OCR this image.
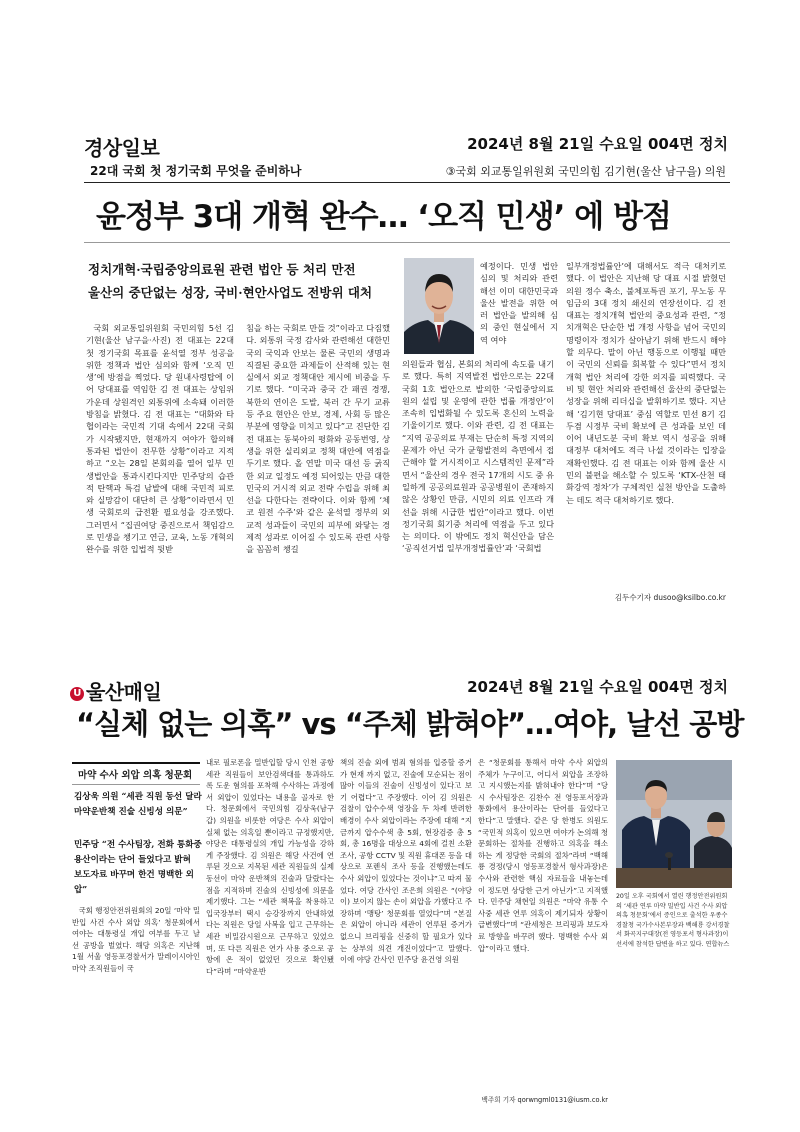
경상일보	2024년 8월 21일 수요일 004면 정치
22대 국회 첫 정기국회 무엇을 준비하나	③국회 외교통일위원회 국민의힘 김기현(울산 남구을) 의원
윤정부 3대 개혁 완수… ‘오직 민생’ 에 방점
정치개혁·국립중앙의료원 관련 법안 등 처리 만전
울산의 중단없는 성장, 국비·현안사업도 전방위 대처

국회 외교통일위원회 국민의힘 5선 김기현(울산 남구을·사진) 전 대표는 22대 첫 정기국회 목표를 윤석열 정부 성공을 위한 정책과 법안 심의와 함께 ‘오직 민생’에 방점을 찍었다. 당 원내사령탑에 이어 당대표를 역임한 김 전 대표는 상임위 가운데 상원격인 외통위에 소속돼 이러한 방침을 밝혔다. 김 전 대표는 “대화와 타협이라는 국민적 기대 속에서 22대 국회가 시작됐지만, 현재까지 여야가 합의해 통과된 법안이 전무한 상황”이라고 지적하고 “오는 28일 본회의를 열어 일부 민생법안을 통과시킨다지만 민주당의 습관적 탄핵과 특검 남발에 대해 국민적 피로와 실망감이 대단히 큰 상황”이라면서 민생 국회로의 급전환 필요성을 강조했다. 그러면서 “집권여당 중진으로서 책임감으로 민생을 챙기고 연금, 교육, 노동 개혁의 완수를 위한 입법적 뒷받

침을 하는 국회로 만들 것”이라고 다짐했다. 외통위 국정 감사와 관련해선 대한민국의 국익과 안보는 물론 국민의 생명과 직결된 중요한 과제들이 산적해 있는 현실에서 외교 정책대안 제시에 비중을 두기로 했다. “미국과 중국 간 패권 경쟁, 북한의 연이은 도발, 북러 간 무기 교류 등 주요 현안은 안보, 경제, 사회 등 많은 부분에 영향을 미치고 있다”고 진단한 김 전 대표는 동북아의 평화와 공동번영, 상생을 위한 실리외교 정책 대안에 역점을 두기로 했다. 올 연말 미국 대선 등 굵직한 외교 일정도 예정 되어있는 만큼 대한민국의 거시적 외교 전략 수립을 위해 최선을 다한다는 전략이다. 이와 함께 ‘체코 원전 수주’와 같은 윤석열 정부의 외교적 성과들이 국민의 피부에 와닿는 경제적 성과로 이어질 수 있도록 관련 사항을 꼼꼼히 챙길

예정이다. 민생 법안 심의 및 처리와 관련해선 이미 대한민국과 울산 발전을 위한 여러 법안을 발의해 심의 중인 현실에서 지역 여야

의원들과 협심, 본회의 처리에 속도를 내기로 했다. 특히 지역발전 법안으로는 22대 국회 1호 법안으로 발의한 ‘국립중앙의료원의 설립 및 운영에 관한 법률 개정안’이 조속히 입법화될 수 있도록 혼신의 노력을 기울이기로 했다. 이와 관련, 김 전 대표는 “지역 공공의료 부재는 단순히 특정 지역의 문제가 아닌 국가 균형발전의 측면에서 접근해야 할 거시적이고 시스템적인 문제”라면서 “울산의 경우 전국 17개의 시도 중 유일하게 공공의료원과 공공병원이 존재하지 않은 상황인 만큼, 시민의 의료 인프라 개선을 위해 시급한 법안”이라고 했다. 이번 정기국회 회기중 처리에 역점을 두고 있다는 의미다. 이 밖에도 정치 혁신안을 담은 ‘공직선거법 일부개정법률안’과 ‘국회법

일부개정법률안’에 대해서도 적극 대처키로 했다. 이 법안은 지난해 당 대표 시절 밝혔던 의원 정수 축소, 불체포특권 포기, 무노동 무임금의 3대 정치 쇄신의 연장선이다. 김 전 대표는 정치개혁 법안의 중요성과 관련, “정치개혁은 단순한 법 개정 사항을 넘어 국민의 명령이자 정치가 살아남기 위해 반드시 해야 할 의무다. 말이 아닌 행동으로 이행될 때만이 국민의 신뢰를 회복할 수 있다”면서 정치개혁 법안 처리에 강한 의지를 피력했다. 국비 및 현안 처리와 관련해선 울산의 중단없는 성장을 위해 리더십을 발휘하기로 했다. 지난해 ‘김기현 당대표’ 중심 역할로 민선 8기 김두겸 시정부 국비 확보에 큰 성과를 보인 데 이어 내년도분 국비 확보 역시 성공을 위해 대정부 대처에도 적극 나설 것이라는 입장을 재확인했다. 김 전 대표는 이와 함께 울산 시민의 불편을 해소할 수 있도록 ‘KTX-산천 태화강역 정차’가 구체적인 실천 방안을 도출하는 데도 적극 대처하기로 했다.

김두수기자 dusoo@ksilbo.co.kr
U 울산매일	2024년 8월 21일 수요일 004면 정치
“실체 없는 의혹” vs “주체 밝혀야”…여야, 날선 공방
마약 수사 외압 의혹 청문회
김상욱 의원 “세관 직원 동선 달라 마약운반책 진술 신빙성 의문”
민주당 “전 수사팀장, 전화 통화중 용산이라는 단어 들었다고 밝혀 보도자료 바꾸며 한건 명백한 외압”

국회 행정안전위원회의 20일 ‘마약 밀반입 사건 수사 외압 의혹’ 청문회에서 여야는 대통령실 개입 여부를 두고 날 선 공방을 벌였다. 해당 의혹은 지난해 1월 서울 영등포경찰서가 말레이시아인 마약 조직원들이 국

내로 필로폰을 밀반입할 당시 인천 공항 세관 직원들이 보안검색대를 통과하도록 도운 혐의를 포착해 수사하는 과정에서 외압이 있었다는 내용을 골자로 한다. 청문회에서 국민의힘 김상욱(남구갑) 의원을 비롯한 여당은 수사 외압이 실체 없는 의혹일 뿐이라고 규정했지만, 야당은 대통령실의 개입 가능성을 강하게 주장했다. 김 의원은 해당 사건에 연루된 것으로 지목된 세관 직원들의 실제 동선이 마약 운반책의 진술과 달랐다는 점을 지적하며 진술의 신빙성에 의문을 제기했다. 그는 “세관 책복을 착용하고 입국장부터 택시 승강장까지 안내하였다는 직원은 당일 사복을 입고 근무하는 세관 비밀감시원으로 근무하고 있었으며, 또 다른 직원은 연가 사용 중으로 공항에 온 적이 없었던 것으로 확인됐다”라며 “마약운반

책의 진술 외에 범죄 혐의를 입증할 증거가 현재 까지 없고, 진술에 모순되는 점이 많아 이들의 진술이 신빙성이 있다고 보기 어렵다”고 주장했다. 이어 김 의원은 검찰이 압수수색 영장을 두 차례 반려한 배경이 수사 외압이라는 주장에 대해 “지금까지 압수수색 총 5회, 현장검증 총 5회, 총 16명을 대상으로 4회에 걸친 소환조사, 공항 CCTV 및 직원 휴대폰 등을 대상으로 포렌식 조사 등을 진행했는데도 수사 외압이 있었다는 것이냐”고 따져 물었다. 여당 간사인 조은희 의원은 “(야당이) 보이지 않는 손이 외압을 가했다고 주장하며 ‘맹탕’ 청문회를 열었다”며 “본질은 외압이 아니라 세관이 연루된 증거가 없으니 브리핑을 신중히 할 필요가 있다는 상부의 의견 개진이었다”고 말했다. 이에 야당 간사인 민주당 윤건영 의원

은 “청문회를 통해서 마약 수사 외압의 주체가 누구이고, 어디서 외압을 조장하고 지시했는지를 밝혀내야 한다”며 “당시 수사팀장은 김찬수 전 영등포서장과 통화에서 용산이라는 단어를 들었다고 한다”고 말했다. 같은 당 한병도 의원도 “국민적 의혹이 있으면 여야가 논의해 청문회하는 절차를 진행하고 의혹을 해소하는 게 정당한 국회의 절차”라며 “백해룡 경정(당시 영등포경찰서 형사과장)은 수사와 관련한 핵심 자료들을 내놓는데 이 정도면 상당한 근거 아닌가”고 지적했다. 민주당 채현일 의원은 “마약 유통 수사중 세관 연루 의혹이 제기되자 상황이 급변했다”며 “관세청은 브리핑과 보도자료 방향을 바꾸려 했다. 명백한 수사 외압”이라고 했다.

백주희 기자 qorwngml0131@iusm.co.kr
20일 오후 국회에서 열린 행정안전위원회의 ‘세관 연루 마약 밀반입 사건 수사 외압 의혹 청문회’에서 증인으로 출석한 우종수 경찰청 국가수사본부장과 백해룡 강서경찰서 화곡지구대장(전 영등포서 형사과장)이 선서에 참석한 답변을 하고 있다. 연합뉴스
